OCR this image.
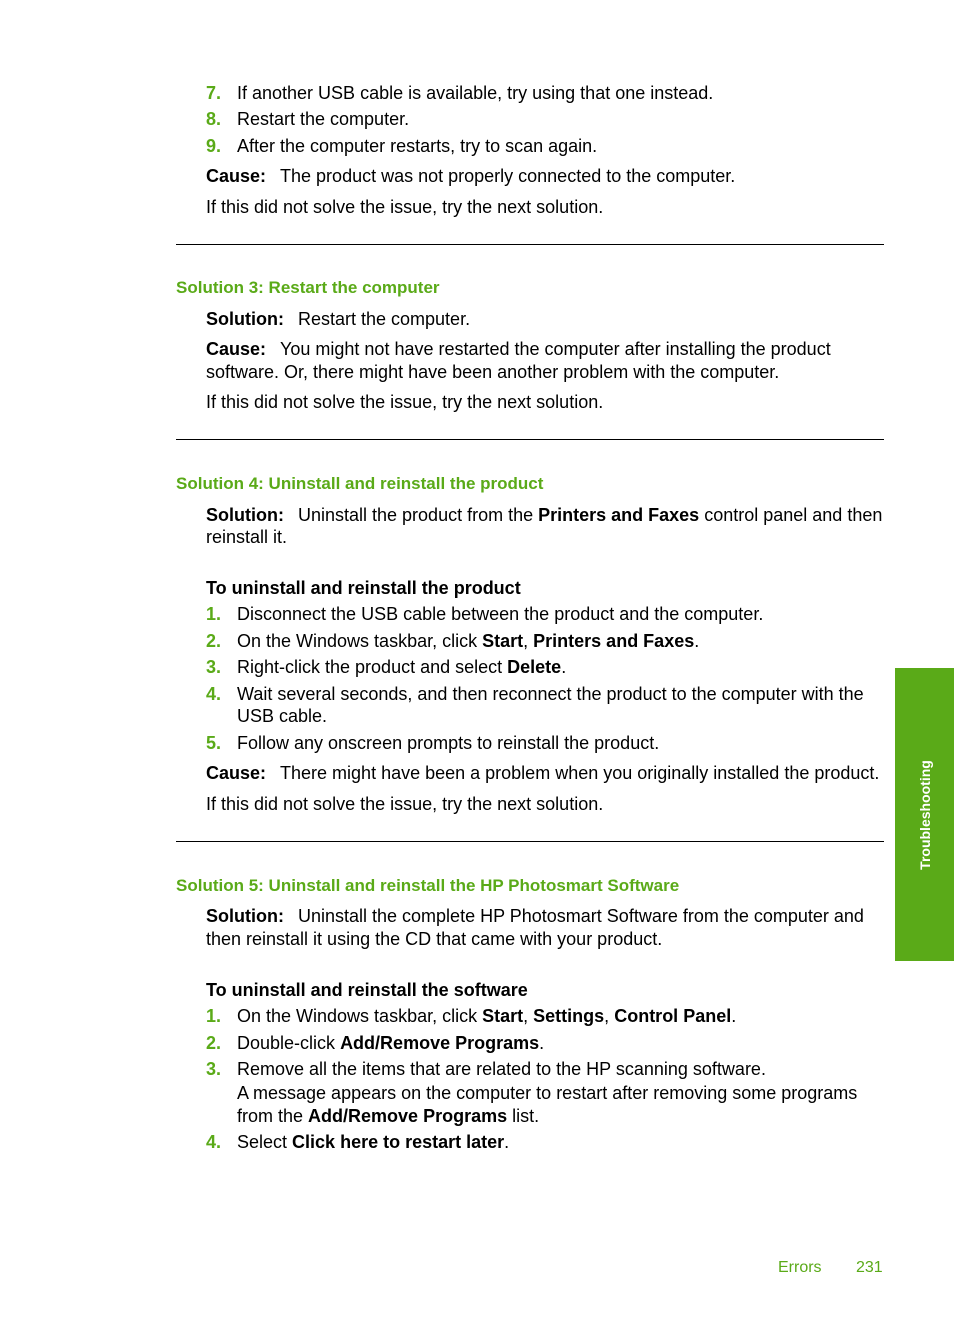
7. If another USB cable is available, try using that one instead.
8. Restart the computer.
9. After the computer restarts, try to scan again.
Cause: The product was not properly connected to the computer.
If this did not solve the issue, try the next solution.
Solution 3: Restart the computer
Solution: Restart the computer.
Cause: You might not have restarted the computer after installing the product
software. Or, there might have been another problem with the computer.
If this did not solve the issue, try the next solution.
Solution 4: Uninstall and reinstall the product
Solution: Uninstall the product from the Printers and Faxes control panel and then
reinstall it.
To uninstall and reinstall the product
1. Disconnect the USB cable between the product and the computer.
2. On the Windows taskbar, click Start, Printers and Faxes.
3. Right-click the product and select Delete.
4. Wait several seconds, and then reconnect the product to the computer with the
USB cable.
5. Follow any onscreen prompts to reinstall the product.
Cause: There might have been a problem when you originally installed the product.
If this did not solve the issue, try the next solution.
Solution 5: Uninstall and reinstall the HP Photosmart Software
Solution: Uninstall the complete HP Photosmart Software from the computer and
then reinstall it using the CD that came with your product.
To uninstall and reinstall the software
1. On the Windows taskbar, click Start, Settings, Control Panel.
2. Double-click Add/Remove Programs.
3. Remove all the items that are related to the HP scanning software.
A message appears on the computer to restart after removing some programs
from the Add/Remove Programs list.
4. Select Click here to restart later.
Troubleshooting
Errors 231
